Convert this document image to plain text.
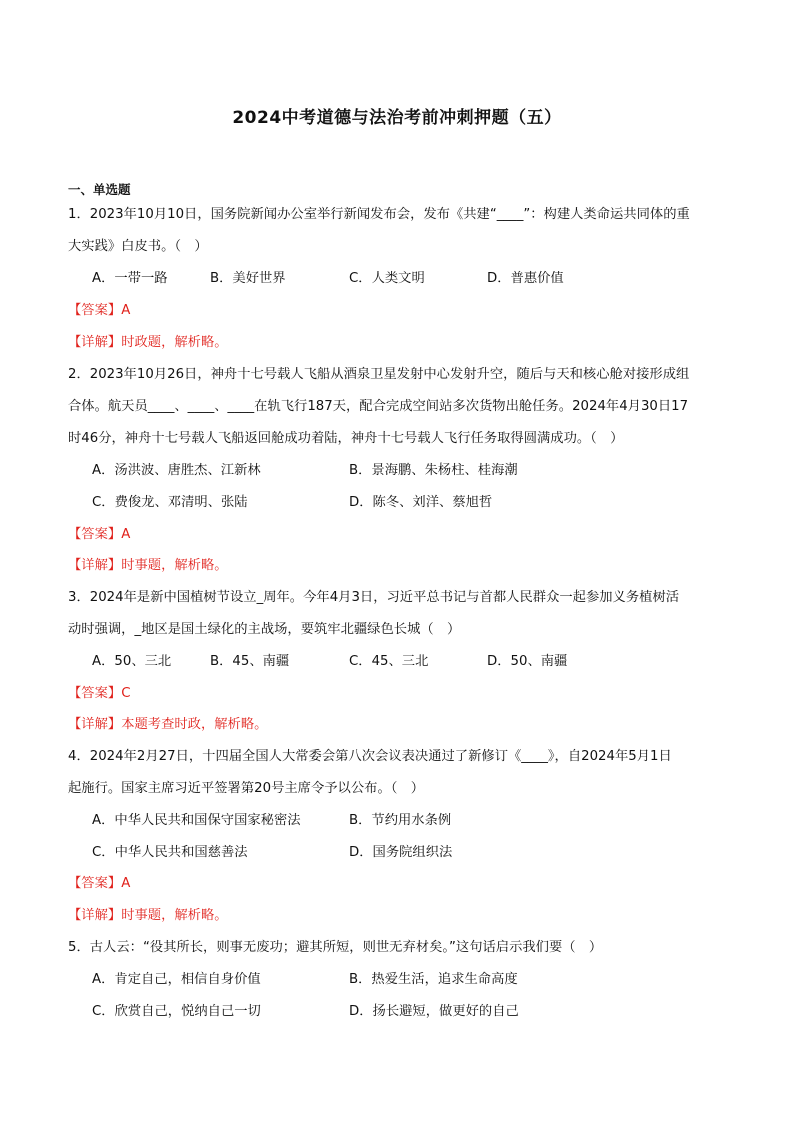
2024中考道德与法治考前冲刺押题（五）
一、单选题
1．2023年10月10日，国务院新闻办公室举行新闻发布会，发布《共建“____”：构建人类命运共同体的重
大实践》白皮书。（　）
A．一带一路	B．美好世界	C．人类文明	D．普惠价值
【答案】A
【详解】时政题，解析略。
2．2023年10月26日，神舟十七号载人飞船从酒泉卫星发射中心发射升空，随后与天和核心舱对接形成组
合体。航天员____、____、____在轨飞行187天，配合完成空间站多次货物出舱任务。2024年4月30日17
时46分，神舟十七号载人飞船返回舱成功着陆，神舟十七号载人飞行任务取得圆满成功。（　）
A．汤洪波、唐胜杰、江新林	B．景海鹏、朱杨柱、桂海潮
C．费俊龙、邓清明、张陆	D．陈冬、刘洋、蔡旭哲
【答案】A
【详解】时事题，解析略。
3．2024年是新中国植树节设立_周年。今年4月3日，习近平总书记与首都人民群众一起参加义务植树活
动时强调，_地区是国土绿化的主战场，要筑牢北疆绿色长城（　）
A．50、三北	B．45、南疆	C．45、三北	D．50、南疆
【答案】C
【详解】本题考查时政，解析略。
4．2024年2月27日，十四届全国人大常委会第八次会议表决通过了新修订《____》，自2024年5月1日
起施行。国家主席习近平签署第20号主席令予以公布。（　）
A．中华人民共和国保守国家秘密法	B．节约用水条例
C．中华人民共和国慈善法	D．国务院组织法
【答案】A
【详解】时事题，解析略。
5．古人云：“役其所长，则事无废功；避其所短，则世无弃材矣。”这句话启示我们要（　）
A．肯定自己，相信自身价值	B．热爱生活，追求生命高度
C．欣赏自己，悦纳自己一切	D．扬长避短，做更好的自己
